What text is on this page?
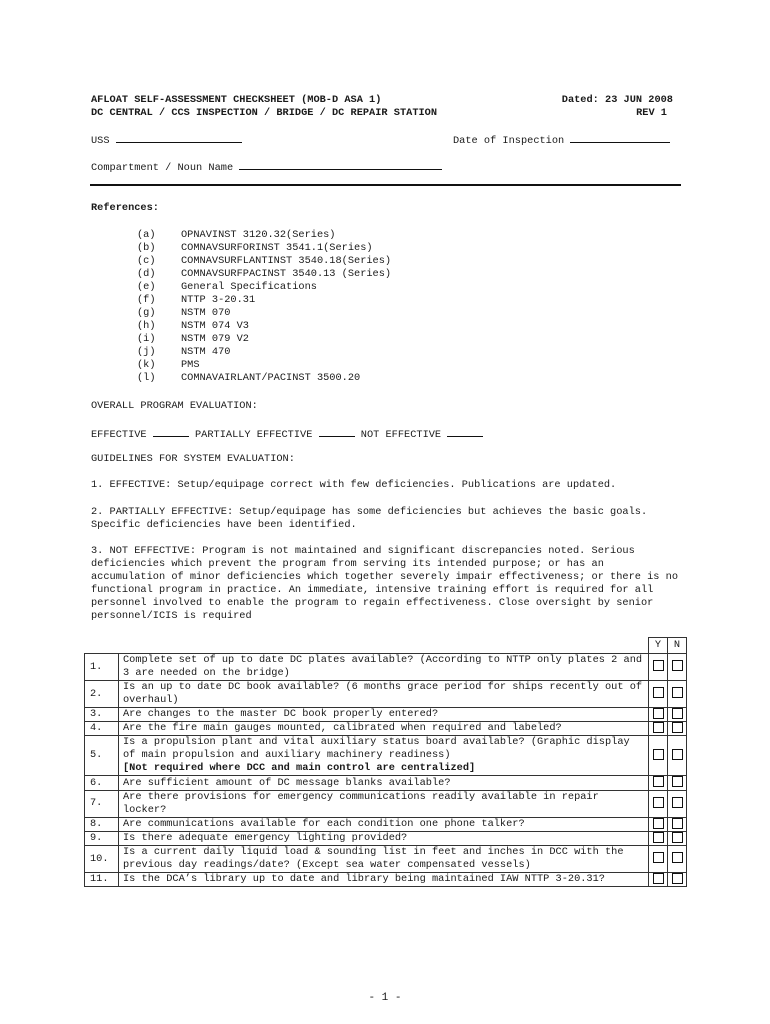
AFLOAT SELF-ASSESSMENT CHECKSHEET (MOB-D ASA 1)
DC CENTRAL / CCS INSPECTION / BRIDGE / DC REPAIR STATION
Dated: 23 JUN 2008
REV 1
USS	Date of Inspection
Compartment / Noun Name
References:
(a) OPNAVINST 3120.32(Series)
(b) COMNAVSURFORINST 3541.1(Series)
(c) COMNAVSURFLANTINST 3540.18(Series)
(d) COMNAVSURFPACINST 3540.13 (Series)
(e) General Specifications
(f) NTTP 3-20.31
(g) NSTM 070
(h) NSTM 074 V3
(i) NSTM 079 V2
(j) NSTM 470
(k) PMS
(l) COMNAVAIRLANT/PACINST 3500.20
OVERALL PROGRAM EVALUATION:
EFFECTIVE	PARTIALLY EFFECTIVE	NOT EFFECTIVE
GUIDELINES FOR SYSTEM EVALUATION:
1. EFFECTIVE: Setup/equipage correct with few deficiencies. Publications are updated.
2. PARTIALLY EFFECTIVE: Setup/equipage has some deficiencies but achieves the basic goals. Specific deficiencies have been identified.
3. NOT EFFECTIVE: Program is not maintained and significant discrepancies noted. Serious deficiencies which prevent the program from serving its intended purpose; or has an accumulation of minor deficiencies which together severely impair effectiveness; or there is no functional program in practice. An immediate, intensive training effort is required for all personnel involved to enable the program to regain effectiveness. Close oversight by senior personnel/ICIS is required
		Y	N
1.	Complete set of up to date DC plates available? (According to NTTP only plates 2 and 3 are needed on the bridge)		
2.	Is an up to date DC book available? (6 months grace period for ships recently out of overhaul)		
3.	Are changes to the master DC book properly entered?		
4.	Are the fire main gauges mounted, calibrated when required and labeled?		
5.	Is a propulsion plant and vital auxiliary status board available? (Graphic display of main propulsion and auxiliary machinery readiness)
[Not required where DCC and main control are centralized]		

6.	Are sufficient amount of DC message blanks available?		
7.	Are there provisions for emergency communications readily available in repair locker?		
8.	Are communications available for each condition one phone talker?		
9.	Is there adequate emergency lighting provided?		
10.	Is a current daily liquid load & sounding list in feet and inches in DCC with the previous day readings/date? (Except sea water compensated vessels)		
11.	Is the DCA’s library up to date and library being maintained IAW NTTP 3-20.31?		
- 1 -
